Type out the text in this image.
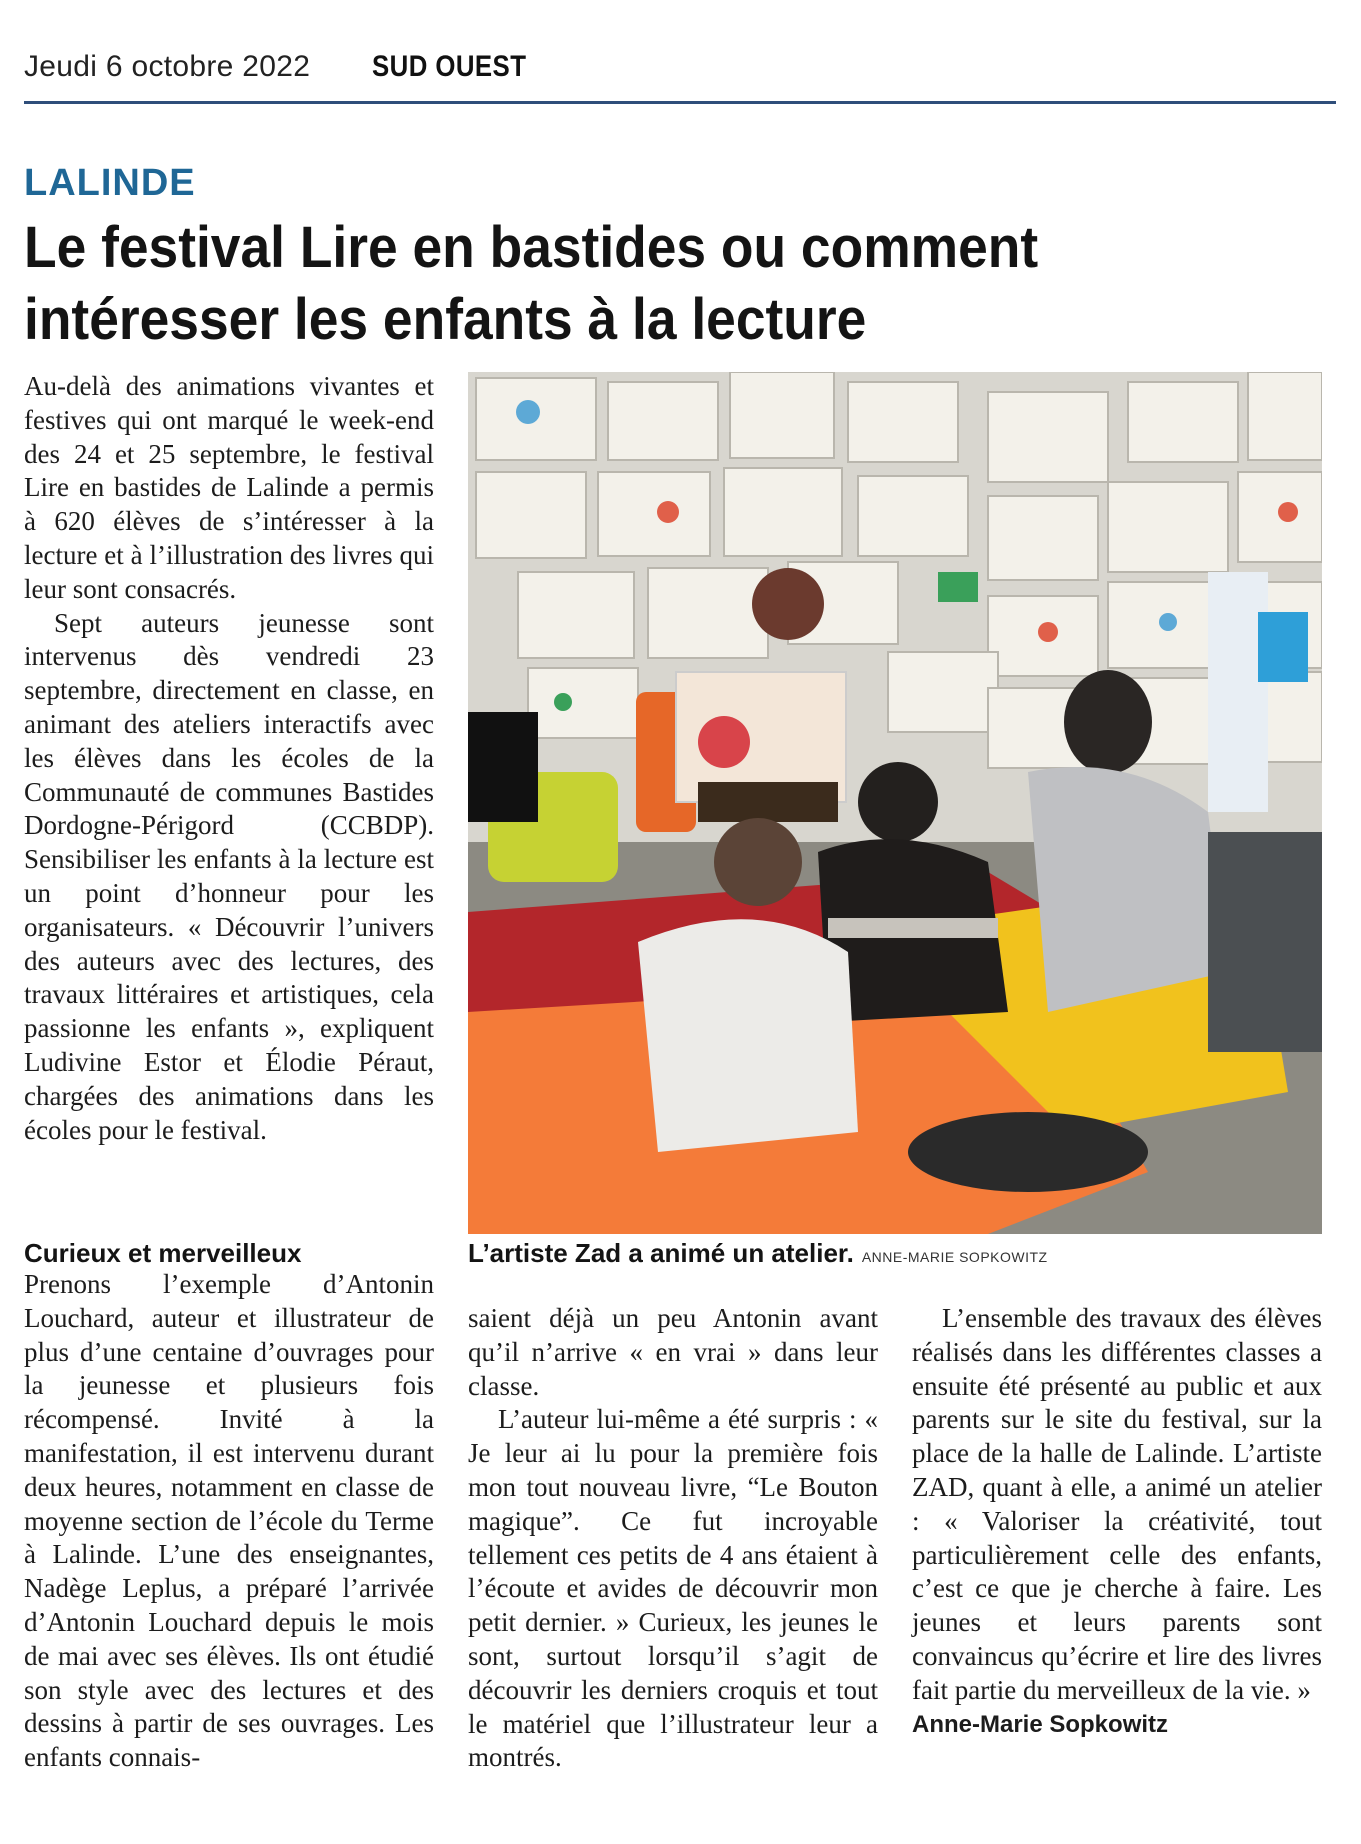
Jeudi 6 octobre 2022 SUD OUEST
LALINDE
Le festival Lire en bastides ou comment intéresser les enfants à la lecture

Au-delà des animations vivantes et festives qui ont marqué le week-end des 24 et 25 septembre, le festival Lire en bastides de Lalinde a permis à 620 élèves de s’intéresser à la lecture et à l’illustration des livres qui leur sont consacrés.

Sept auteurs jeunesse sont intervenus dès vendredi 23 septembre, directement en classe, en animant des ateliers interactifs avec les élèves dans les écoles de la Communauté de communes Bastides Dordogne-Périgord (CCBDP). Sensibiliser les enfants à la lecture est un point d’honneur pour les organisateurs. « Découvrir l’univers des auteurs avec des lectures, des travaux littéraires et artistiques, cela passionne les enfants », expliquent Ludivine Estor et Élodie Péraut, chargées des animations dans les écoles pour le festival.

Curieux et merveilleux	L’artiste Zad a animé un atelier. ANNE-MARIE SOPKOWITZ

Prenons l’exemple d’Antonin Louchard, auteur et illustrateur de plus d’une centaine d’ouvrages pour la jeunesse et plusieurs fois récompensé. Invité à la manifestation, il est intervenu durant deux heures, notamment en classe de moyenne section de l’école du Terme à Lalinde. L’une des enseignantes, Nadège Leplus, a préparé l’arrivée d’Antonin Louchard depuis le mois de mai avec ses élèves. Ils ont étudié son style avec des lectures et des dessins à partir de ses ouvrages. Les enfants connais-

saient déjà un peu Antonin avant qu’il n’arrive « en vrai » dans leur classe.

L’auteur lui-même a été surpris : « Je leur ai lu pour la première fois mon tout nouveau livre, “Le Bouton magique”. Ce fut incroyable tellement ces petits de 4 ans étaient à l’écoute et avides de découvrir mon petit dernier. » Curieux, les jeunes le sont, surtout lorsqu’il s’agit de découvrir les derniers croquis et tout le matériel que l’illustrateur leur a montrés.

L’ensemble des travaux des élèves réalisés dans les différentes classes a ensuite été présenté au public et aux parents sur le site du festival, sur la place de la halle de Lalinde. L’artiste ZAD, quant à elle, a animé un atelier : « Valoriser la créativité, tout particulièrement celle des enfants, c’est ce que je cherche à faire. Les jeunes et leurs parents sont convaincus qu’écrire et lire des livres fait partie du merveilleux de la vie. »

Anne-Marie Sopkowitz
